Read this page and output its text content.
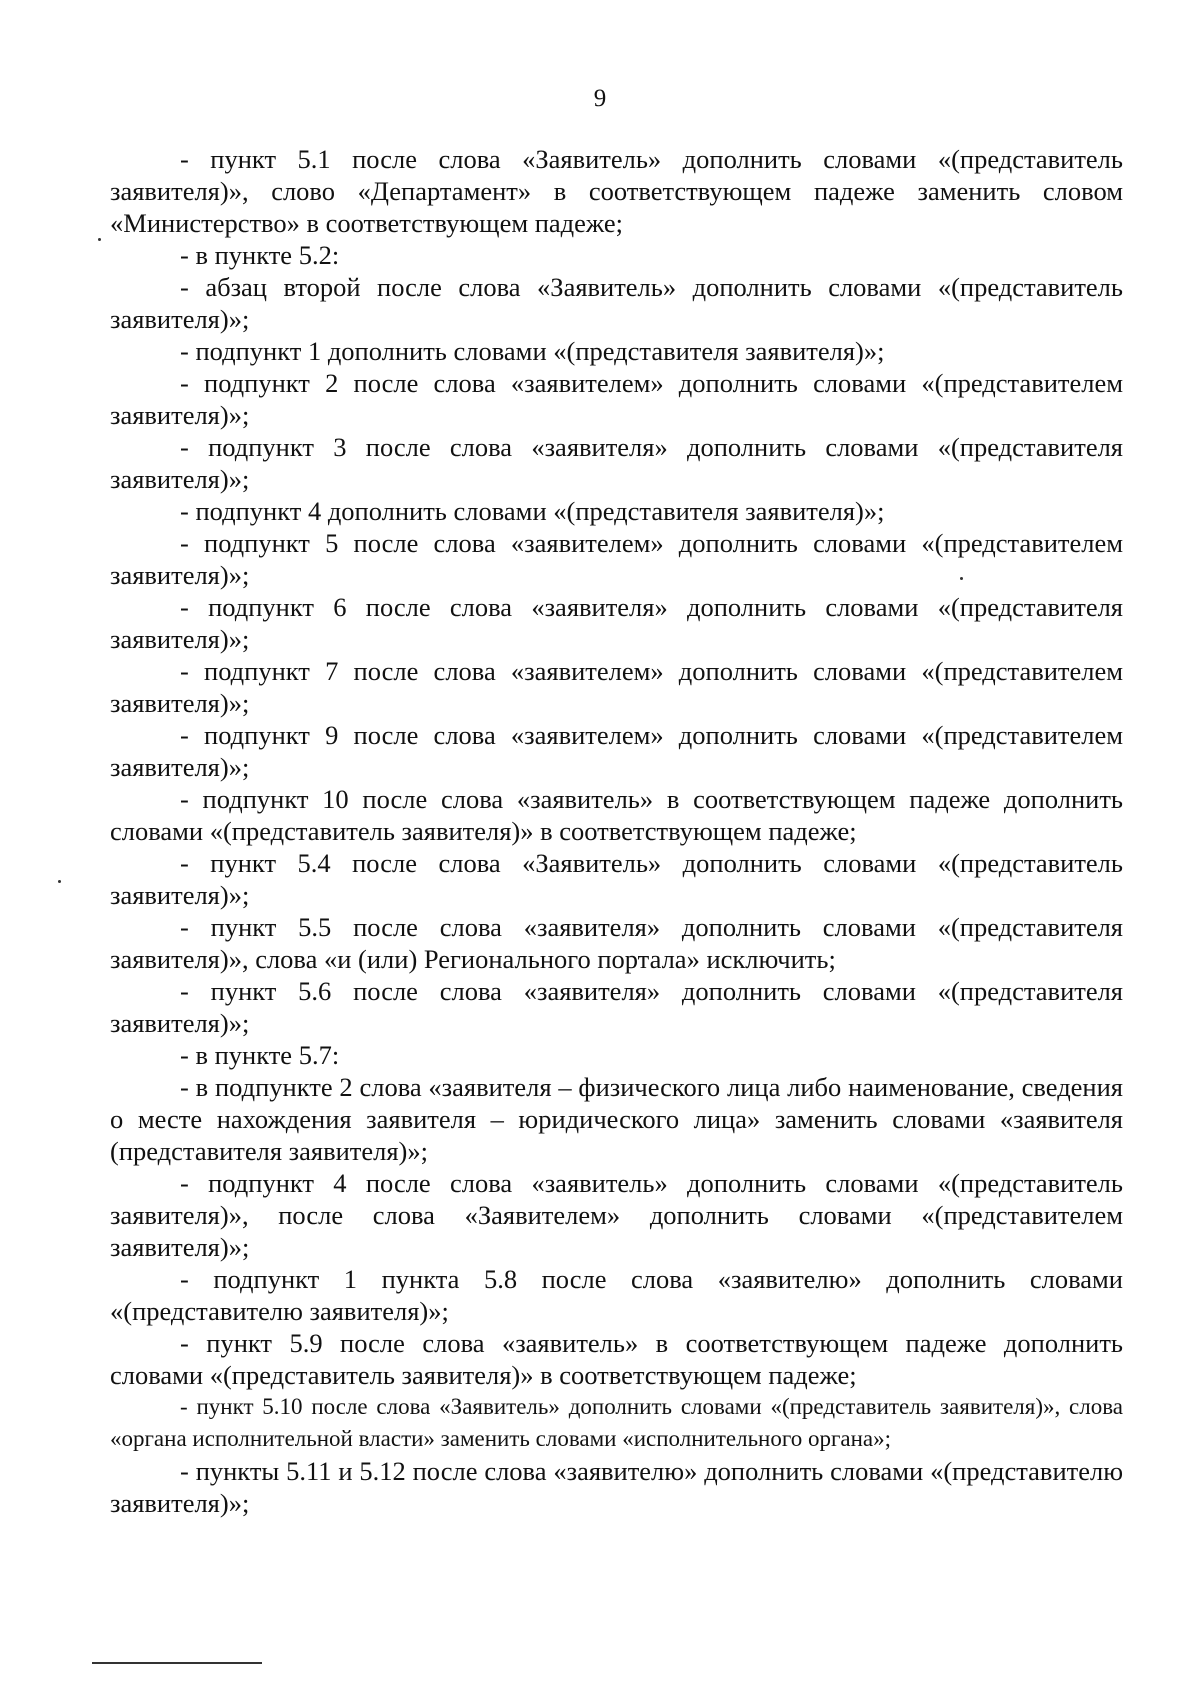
9

- пункт 5.1 после слова «Заявитель» дополнить словами «(представитель заявителя)», слово «Департамент» в соответствующем падеже заменить словом «Министерство» в соответствующем падеже;

- в пункте 5.2:

- абзац второй после слова «Заявитель» дополнить словами «(представитель заявителя)»;

- подпункт 1 дополнить словами «(представителя заявителя)»;

- подпункт 2 после слова «заявителем» дополнить словами «(представителем заявителя)»;

- подпункт 3 после слова «заявителя» дополнить словами «(представителя заявителя)»;

- подпункт 4 дополнить словами «(представителя заявителя)»;

- подпункт 5 после слова «заявителем» дополнить словами «(представителем заявителя)»;

- подпункт 6 после слова «заявителя» дополнить словами «(представителя заявителя)»;

- подпункт 7 после слова «заявителем» дополнить словами «(представителем заявителя)»;

- подпункт 9 после слова «заявителем» дополнить словами «(представителем заявителя)»;

- подпункт 10 после слова «заявитель» в соответствующем падеже дополнить словами «(представитель заявителя)» в соответствующем падеже;

- пункт 5.4 после слова «Заявитель» дополнить словами «(представитель заявителя)»;

- пункт 5.5 после слова «заявителя» дополнить словами «(представителя заявителя)», слова «и (или) Регионального портала» исключить;

- пункт 5.6 после слова «заявителя» дополнить словами «(представителя заявителя)»;

- в пункте 5.7:

- в подпункте 2 слова «заявителя – физического лица либо наименование, сведения о месте нахождения заявителя – юридического лица» заменить словами «заявителя (представителя заявителя)»;

- подпункт 4 после слова «заявитель» дополнить словами «(представитель заявителя)», после слова «Заявителем» дополнить словами «(представителем заявителя)»;

- подпункт 1 пункта 5.8 после слова «заявителю» дополнить словами «(представителю заявителя)»;

- пункт 5.9 после слова «заявитель» в соответствующем падеже дополнить словами «(представитель заявителя)» в соответствующем падеже;

- пункт 5.10 после слова «Заявитель» дополнить словами «(представитель заявителя)», слова «органа исполнительной власти» заменить словами «исполнительного органа»;

- пункты 5.11 и 5.12 после слова «заявителю» дополнить словами «(представителю заявителя)»;
